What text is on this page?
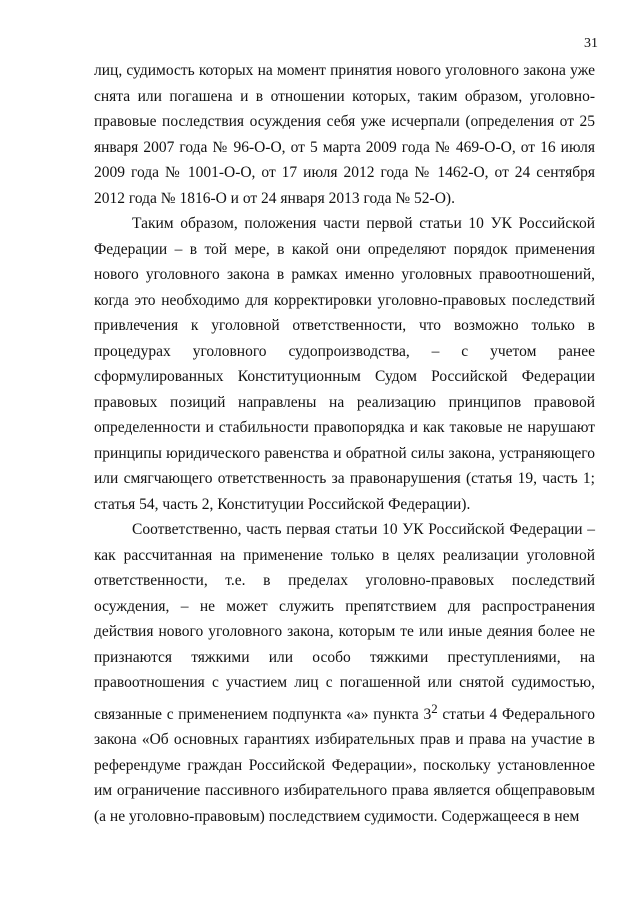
31

лиц, судимость которых на момент принятия нового уголовного закона уже снята или погашена и в отношении которых, таким образом, уголовно-правовые последствия осуждения себя уже исчерпали (определения от 25 января 2007 года № 96-О-О, от 5 марта 2009 года № 469-О-О, от 16 июля 2009 года № 1001-О-О, от 17 июля 2012 года № 1462-О, от 24 сентября 2012 года № 1816-О и от 24 января 2013 года № 52-О).

Таким образом, положения части первой статьи 10 УК Российской Федерации – в той мере, в какой они определяют порядок применения нового уголовного закона в рамках именно уголовных правоотношений, когда это необходимо для корректировки уголовно-правовых последствий привлечения к уголовной ответственности, что возможно только в процедурах уголовного судопроизводства, – с учетом ранее сформулированных Конституционным Судом Российской Федерации правовых позиций направлены на реализацию принципов правовой определенности и стабильности правопорядка и как таковые не нарушают принципы юридического равенства и обратной силы закона, устраняющего или смягчающего ответственность за правонарушения (статья 19, часть 1; статья 54, часть 2, Конституции Российской Федерации).

Соответственно, часть первая статьи 10 УК Российской Федерации – как рассчитанная на применение только в целях реализации уголовной ответственности, т.е. в пределах уголовно-правовых последствий осуждения, – не может служить препятствием для распространения действия нового уголовного закона, которым те или иные деяния более не признаются тяжкими или особо тяжкими преступлениями, на правоотношения с участием лиц с погашенной или снятой судимостью, связанные с применением подпункта «а» пункта $3^2$ статьи 4 Федерального закона «Об основных гарантиях избирательных прав и права на участие в референдуме граждан Российской Федерации», поскольку установленное им ограничение пассивного избирательного права является общеправовым (а не уголовно-правовым) последствием судимости. Содержащееся в нем
